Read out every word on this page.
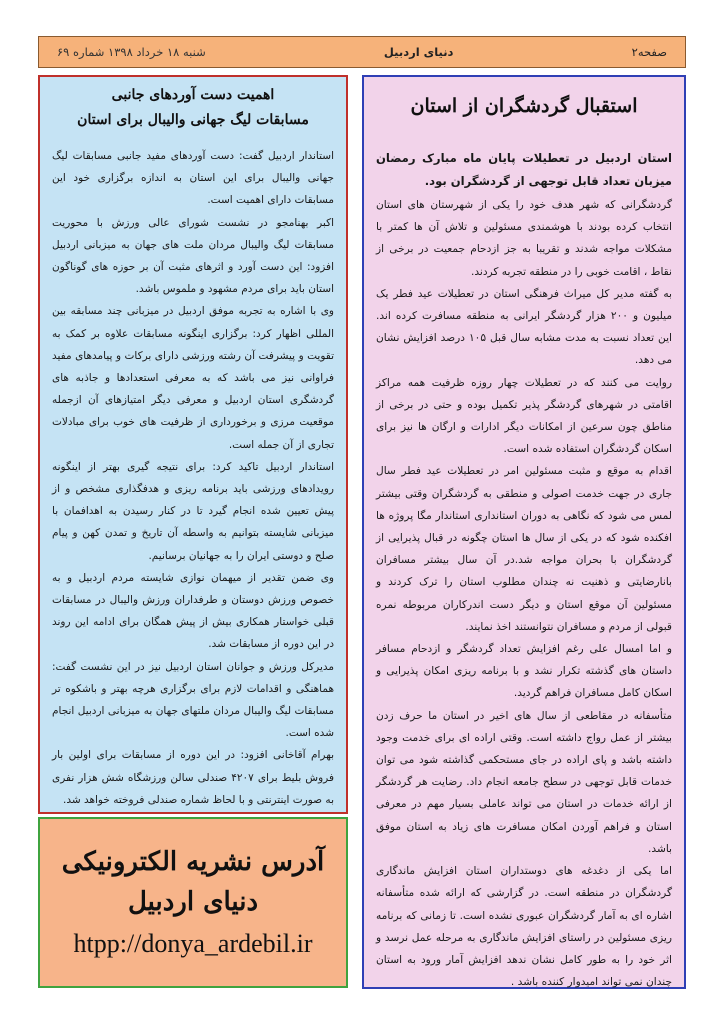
صفحه۲
دنیای اردبیل
شنبه ۱۸ خرداد ۱۳۹۸ شماره ۶۹
استقبال گردشگران از استان

استان اردبیل در تعطیلات پایان ماه مبارک رمضان میزبان تعداد قابل توجهی از گردشگران بود.

گردشگرانی که شهر هدف خود را یکی از شهرستان های استان انتخاب کرده بودند با هوشمندی مسئولین و تلاش آن ها کمتر با مشکلات مواجه شدند و تقریبا به جز ازدحام جمعیت در برخی از نقاط ، اقامت خوبی را در منطقه تجربه کردند.

به گفته مدیر کل میراث فرهنگی استان در تعطیلات عید فطر یک میلیون و ۲۰۰ هزار گردشگر ایرانی به منطقه مسافرت کرده اند. این تعداد نسبت به مدت مشابه سال قبل ۱۰۵ درصد افزایش نشان می دهد.

روایت می کنند که در تعطیلات چهار روزه ظرفیت همه مراکز اقامتی در شهرهای گردشگر پذیر تکمیل بوده و حتی در برخی از مناطق چون سرعین از امکانات دیگر ادارات و ارگان ها نیز برای اسکان گردشگران استفاده شده است.

اقدام به موقع و مثبت مسئولین امر در تعطیلات عید فطر سال جاری در جهت خدمت اصولی و منطقی به گردشگران وقتی بیشتر لمس می شود که نگاهی به دوران استانداری استاندار مگا پروژه ها افکنده شود که در یکی از سال ها استان چگونه در قبال پذیرایی از گردشگران با بحران مواجه شد.در آن سال بیشتر مسافران بانارضایتی و ذهنیت نه چندان مطلوب استان را ترک کردند و مسئولین آن موقع استان و دیگر دست اندرکاران مربوطه نمره قبولی از مردم و مسافران نتوانستند اخذ نمایند.

و اما امسال علی رغم افزایش تعداد گردشگر و ازدحام مسافر داستان های گذشته تکرار نشد و با برنامه ریزی امکان پذیرایی و اسکان کامل مسافران فراهم گردید.

متأسفانه در مقاطعی از سال های اخیر در استان ما حرف زدن بیشتر از عمل رواج داشته است. وقتی اراده ای برای خدمت وجود داشته باشد و پای اراده در جای مستحکمی گذاشته شود می توان خدمات قابل توجهی در سطح جامعه انجام داد. رضایت هر گردشگر از ارائه خدمات در استان می تواند عاملی بسیار مهم در معرفی استان و فراهم آوردن امکان مسافرت های زیاد به استان موفق باشد.

اما یکی از دغدغه های دوستداران استان افزایش ماندگاری گردشگران در منطقه است. در گزارشی که ارائه شده متأسفانه اشاره ای به آمار گردشگران عبوری نشده است. تا زمانی که برنامه ریزی مسئولین در راستای افزایش ماندگاری به مرحله عمل نرسد و اثر خود را به طور کامل نشان ندهد افزایش آمار ورود به استان چندان نمی تواند امیدوار کننده باشد .

اهمیت دست آوردهای جانبی
مسابقات لیگ جهانی والیبال برای استان

استاندار اردبیل گفت: دست آوردهای مفید جانبی مسابقات لیگ جهانی والیبال برای این استان به اندازه برگزاری خود این مسابقات دارای اهمیت است.

اکبر بهنامجو در نشست شورای عالی ورزش با محوریت مسابقات لیگ والیبال مردان ملت های جهان به میزبانی اردبیل افزود: این دست آورد و اثرهای مثبت آن بر حوزه های گوناگون استان باید برای مردم مشهود و ملموس باشد.

وی با اشاره به تجربه موفق اردبیل در میزبانی چند مسابقه بین المللی اظهار کرد: برگزاری اینگونه مسابقات علاوه بر کمک به تقویت و پیشرفت آن رشته ورزشی دارای برکات و پیامدهای مفید فراوانی نیز می باشد که به معرفی استعدادها و جاذبه های گردشگری استان اردبیل و معرفی دیگر امتیازهای آن ازجمله موقعیت مرزی و برخورداری از ظرفیت های خوب برای مبادلات تجاری از آن جمله است.

استاندار اردبیل تاکید کرد: برای نتیجه گیری بهتر از اینگونه رویدادهای ورزشی باید برنامه ریزی و هدفگذاری مشخص و از پیش تعیین شده انجام گیرد تا در کنار رسیدن به اهدافمان با میزبانی شایسته بتوانیم به واسطه آن تاریخ و تمدن کهن و پیام صلح و دوستی ایران را به جهانیان برسانیم.

وی ضمن تقدیر از میهمان نوازی شایسته مردم اردبیل و به خصوص ورزش دوستان و طرفداران ورزش والیبال در مسابقات قبلی خواستار همکاری بیش از پیش همگان برای ادامه این روند در این دوره از مسابقات شد.

مدیرکل ورزش و جوانان استان اردبیل نیز در این نشست گفت: هماهنگی و اقدامات لازم برای برگزاری هرچه بهتر و باشکوه تر مسابقات لیگ والیبال مردان ملتهای جهان به میزبانی اردبیل انجام شده است.

بهرام آقاخانی افزود: در این دوره از مسابقات برای اولین بار فروش بلیط برای ۴۲۰۷ صندلی سالن ورزشگاه شش هزار نفری به صورت اینترنتی و با لحاظ شماره صندلی فروخته خواهد شد.

آدرس نشریه الکترونیکی
دنیای اردبیل
htpp://donya_ardebil.ir
